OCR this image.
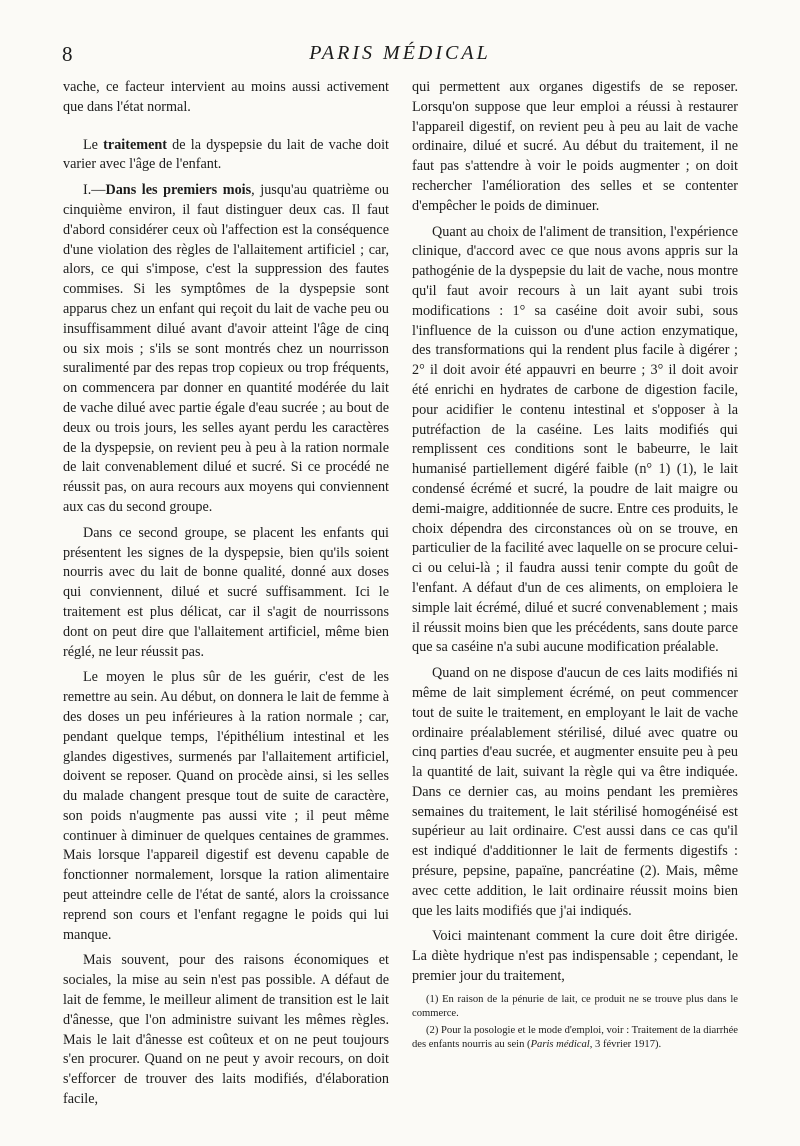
8	PARIS MÉDICAL

vache, ce facteur intervient au moins aussi activement que dans l'état normal.

Le traitement de la dyspepsie du lait de vache doit varier avec l'âge de l'enfant.

I.—Dans les premiers mois, jusqu'au quatrième ou cinquième environ, il faut distinguer deux cas. Il faut d'abord considérer ceux où l'affection est la conséquence d'une violation des règles de l'allaitement artificiel ; car, alors, ce qui s'impose, c'est la suppression des fautes commises. Si les symptômes de la dyspepsie sont apparus chez un enfant qui reçoit du lait de vache peu ou insuffisamment dilué avant d'avoir atteint l'âge de cinq ou six mois ; s'ils se sont montrés chez un nourrisson suralimenté par des repas trop copieux ou trop fréquents, on commencera par donner en quantité modérée du lait de vache dilué avec partie égale d'eau sucrée ; au bout de deux ou trois jours, les selles ayant perdu les caractères de la dyspepsie, on revient peu à peu à la ration normale de lait convenablement dilué et sucré. Si ce procédé ne réussit pas, on aura recours aux moyens qui conviennent aux cas du second groupe.

Dans ce second groupe, se placent les enfants qui présentent les signes de la dyspepsie, bien qu'ils soient nourris avec du lait de bonne qualité, donné aux doses qui conviennent, dilué et sucré suffisamment. Ici le traitement est plus délicat, car il s'agit de nourrissons dont on peut dire que l'allaitement artificiel, même bien réglé, ne leur réussit pas.

Le moyen le plus sûr de les guérir, c'est de les remettre au sein. Au début, on donnera le lait de femme à des doses un peu inférieures à la ration normale ; car, pendant quelque temps, l'épithélium intestinal et les glandes digestives, surmenés par l'allaitement artificiel, doivent se reposer. Quand on procède ainsi, si les selles du malade changent presque tout de suite de caractère, son poids n'augmente pas aussi vite ; il peut même continuer à diminuer de quelques centaines de grammes. Mais lorsque l'appareil digestif est devenu capable de fonctionner normalement, lorsque la ration alimentaire peut atteindre celle de l'état de santé, alors la croissance reprend son cours et l'enfant regagne le poids qui lui manque.

Mais souvent, pour des raisons économiques et sociales, la mise au sein n'est pas possible. A défaut de lait de femme, le meilleur aliment de transition est le lait d'ânesse, que l'on administre suivant les mêmes règles. Mais le lait d'ânesse est coûteux et on ne peut toujours s'en procurer. Quand on ne peut y avoir recours, on doit s'efforcer de trouver des laits modifiés, d'élaboration facile,

qui permettent aux organes digestifs de se reposer. Lorsqu'on suppose que leur emploi a réussi à restaurer l'appareil digestif, on revient peu à peu au lait de vache ordinaire, dilué et sucré. Au début du traitement, il ne faut pas s'attendre à voir le poids augmenter ; on doit rechercher l'amélioration des selles et se contenter d'empêcher le poids de diminuer.

Quant au choix de l'aliment de transition, l'expérience clinique, d'accord avec ce que nous avons appris sur la pathogénie de la dyspepsie du lait de vache, nous montre qu'il faut avoir recours à un lait ayant subi trois modifications : 1° sa caséine doit avoir subi, sous l'influence de la cuisson ou d'une action enzymatique, des transformations qui la rendent plus facile à digérer ; 2° il doit avoir été appauvri en beurre ; 3° il doit avoir été enrichi en hydrates de carbone de digestion facile, pour acidifier le contenu intestinal et s'opposer à la putréfaction de la caséine. Les laits modifiés qui remplissent ces conditions sont le babeurre, le lait humanisé partiellement digéré faible (n° 1) (1), le lait condensé écrémé et sucré, la poudre de lait maigre ou demi-maigre, additionnée de sucre. Entre ces produits, le choix dépendra des circonstances où on se trouve, en particulier de la facilité avec laquelle on se procure celui-ci ou celui-là ; il faudra aussi tenir compte du goût de l'enfant. A défaut d'un de ces aliments, on emploiera le simple lait écrémé, dilué et sucré convenablement ; mais il réussit moins bien que les précédents, sans doute parce que sa caséine n'a subi aucune modification préalable.

Quand on ne dispose d'aucun de ces laits modifiés ni même de lait simplement écrémé, on peut commencer tout de suite le traitement, en employant le lait de vache ordinaire préalablement stérilisé, dilué avec quatre ou cinq parties d'eau sucrée, et augmenter ensuite peu à peu la quantité de lait, suivant la règle qui va être indiquée. Dans ce dernier cas, au moins pendant les premières semaines du traitement, le lait stérilisé homogénéisé est supérieur au lait ordinaire. C'est aussi dans ce cas qu'il est indiqué d'additionner le lait de ferments digestifs : présure, pepsine, papaïne, pancréatine (2). Mais, même avec cette addition, le lait ordinaire réussit moins bien que les laits modifiés que j'ai indiqués.

Voici maintenant comment la cure doit être dirigée. La diète hydrique n'est pas indispensable ; cependant, le premier jour du traitement,

(1) En raison de la pénurie de lait, ce produit ne se trouve plus dans le commerce.

(2) Pour la posologie et le mode d'emploi, voir : Traitement de la diarrhée des enfants nourris au sein (Paris médical, 3 février 1917).
